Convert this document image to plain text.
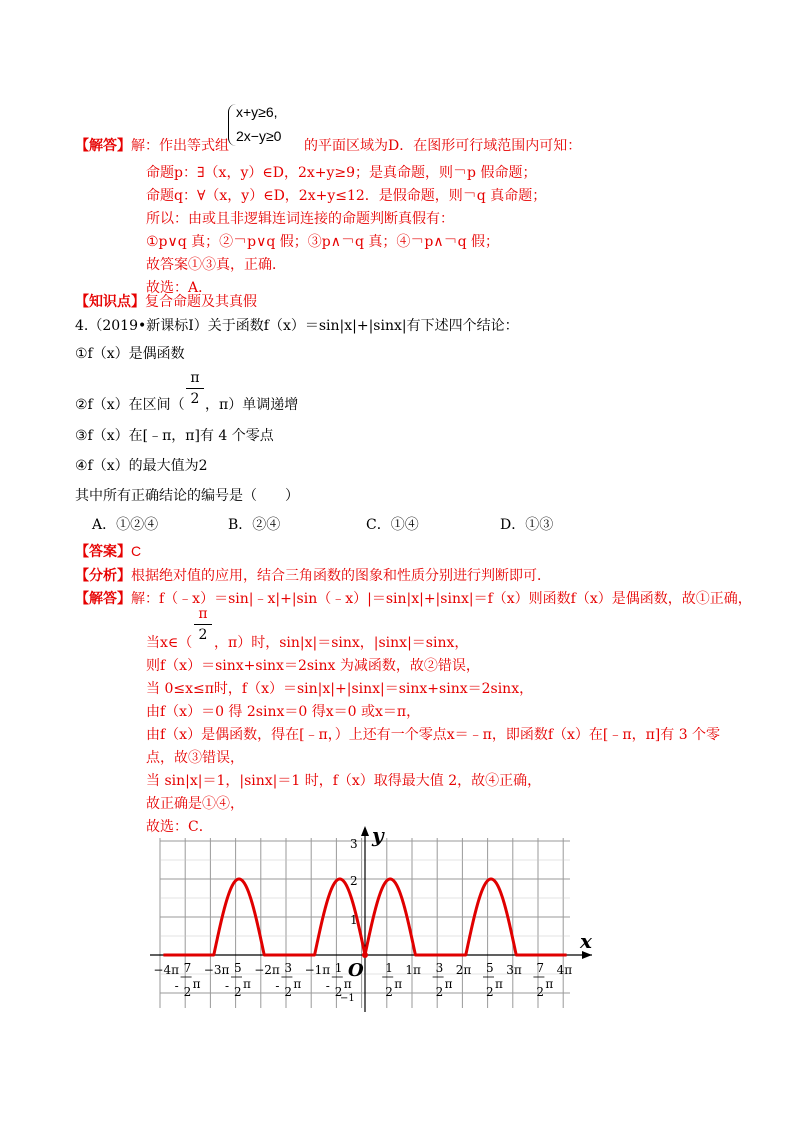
x+y≥6,
2x−y≥0
【解答】解：作出等式组	的平面区域为D．在图形可行域范围内可知：
命题p：∃（x，y）∈D，2x+y≥9；是真命题，则￢p 假命题；
命题q：∀（x，y）∈D，2x+y≤12．是假命题，则￢q 真命题；
所以：由或且非逻辑连词连接的命题判断真假有：
①p∨q 真；②￢p∨q 假；③p∧￢q 真；④￢p∧￢q 假；
故答案①③真，正确．
故选：A．
【知识点】复合命题及其真假
4.（2019•新课标Ⅰ）关于函数f（x）＝sin|x|+|sinx|有下述四个结论：
①f（x）是偶函数
②f（x）在区间（
π
2 ，π）单调递增
③f（x）在[﹣π，π]有 4 个零点
④f（x）的最大值为2
其中所有正确结论的编号是（　　）
A．①②④	B．②④	C．①④	D．①③
【答案】C
【分析】根据绝对值的应用，结合三角函数的图象和性质分别进行判断即可．
【解答】解：f（﹣x）＝sin|﹣x|+|sin（﹣x）|＝sin|x|+|sinx|＝f（x）则函数f（x）是偶函数，故①正确，
当x∈（
π
2 ，π）时，sin|x|＝sinx，|sinx|＝sinx，
则f（x）＝sinx+sinx＝2sinx 为减函数，故②错误，
当 0≤x≤π时，f（x）＝sin|x|+|sinx|＝sinx+sinx＝2sinx，
由f（x）＝0 得 2sinx＝0 得x＝0 或x＝π，
由f（x）是偶函数，得在[﹣π，）上还有一个零点x＝﹣π，即函数f（x）在[﹣π，π]有 3 个零
点，故③错误，
当 sin|x|＝1，|sinx|＝1 时，f（x）取得最大值 2，故④正确，
故正确是①④，
故选：C．
x
y
O
3
2
1
−1
−4π −3π −2π −1π	1π	2π	3π	4π
-
7
2
π -
5
2
π -
3
2
π -
1
2
π
1
2
π
3
2
π
5
2
π
7
2
π
